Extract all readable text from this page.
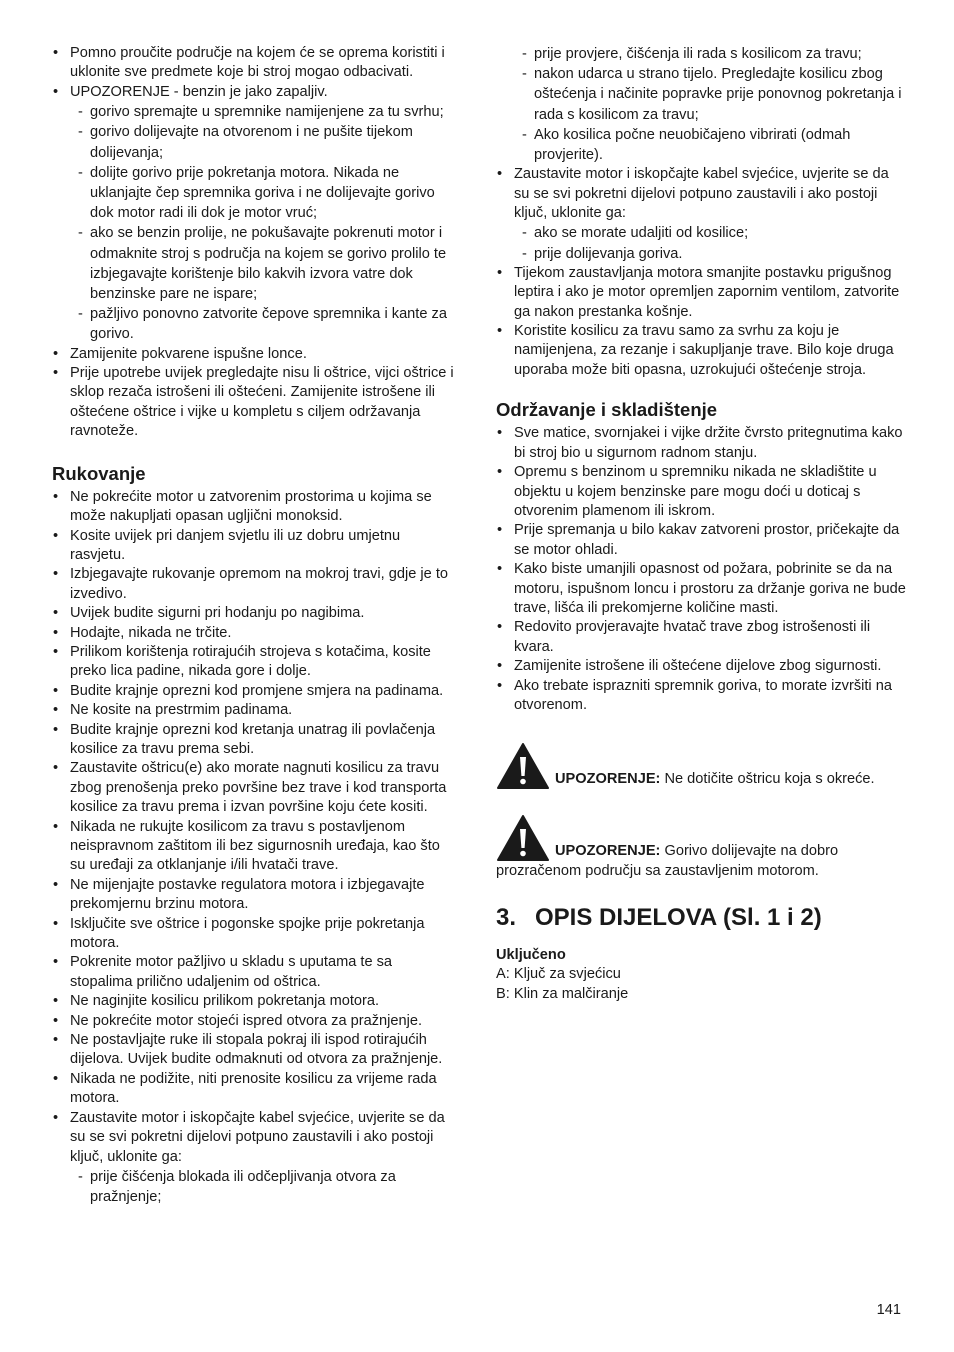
• Pomno proučite područje na kojem će se oprema koristiti i uklonite sve predmete koje bi stroj mogao odbacivati.
• UPOZORENJE - benzin je jako zapaljiv.
- gorivo spremajte u spremnike namijenjene za tu svrhu;
- gorivo dolijevajte na otvorenom i ne pušite tijekom dolijevanja;
- dolijte gorivo prije pokretanja motora. Nikada ne uklanjajte čep spremnika goriva i ne dolijevajte gorivo dok motor radi ili dok je motor vruć;
- ako se benzin prolije, ne pokušavajte pokrenuti motor i odmaknite stroj s područja na kojem se gorivo prolilo te izbjegavajte korištenje bilo kakvih izvora vatre dok benzinske pare ne ispare;
- pažljivo ponovno zatvorite čepove spremnika i kante za gorivo.
• Zamijenite pokvarene ispušne lonce.
• Prije upotrebe uvijek pregledajte nisu li oštrice, vijci oštrice i sklop rezača istrošeni ili oštećeni. Zamijenite istrošene ili oštećene oštrice i vijke u kompletu s ciljem održavanja ravnoteže.
Rukovanje
• Ne pokrećite motor u zatvorenim prostorima u kojima se može nakupljati opasan ugljični monoksid.
• Kosite uvijek pri danjem svjetlu ili uz dobru umjetnu rasvjetu.
• Izbjegavajte rukovanje opremom na mokroj travi, gdje je to izvedivo.
• Uvijek budite sigurni pri hodanju po nagibima.
• Hodajte, nikada ne trčite.
• Prilikom korištenja rotirajućih strojeva s kotačima, kosite preko lica padine, nikada gore i dolje.
• Budite krajnje oprezni kod promjene smjera na padinama.
• Ne kosite na prestrmim padinama.
• Budite krajnje oprezni kod kretanja unatrag ili povlačenja kosilice za travu prema sebi.
• Zaustavite oštricu(e) ako morate nagnuti kosilicu za travu zbog prenošenja preko površine bez trave i kod transporta kosilice za travu prema i izvan površine koju ćete kositi.
• Nikada ne rukujte kosilicom za travu s postavljenom neispravnom zaštitom ili bez sigurnosnih uređaja, kao što su uređaji za otklanjanje i/ili hvatači trave.
• Ne mijenjajte postavke regulatora motora i izbjegavajte prekomjernu brzinu motora.
• Isključite sve oštrice i pogonske spojke prije pokretanja motora.
• Pokrenite motor pažljivo u skladu s uputama te sa stopalima prilično udaljenim od oštrica.
• Ne naginjite kosilicu prilikom pokretanja motora.
• Ne pokrećite motor stojeći ispred otvora za pražnjenje.
• Ne postavljajte ruke ili stopala pokraj ili ispod rotirajućih dijelova. Uvijek budite odmaknuti od otvora za pražnjenje.
• Nikada ne podižite, niti prenosite kosilicu za vrijeme rada motora.
• Zaustavite motor i iskopčajte kabel svjećice, uvjerite se da su se svi pokretni dijelovi potpuno zaustavili i ako postoji ključ, uklonite ga:
- prije čišćenja blokada ili odčepljivanja otvora za pražnjenje;
- prije provjere, čišćenja ili rada s kosilicom za travu;
- nakon udarca u strano tijelo. Pregledajte kosilicu zbog oštećenja i načinite popravke prije ponovnog pokretanja i rada s kosilicom za travu;
- Ako kosilica počne neuobičajeno vibrirati (odmah provjerite).
• Zaustavite motor i iskopčajte kabel svjećice, uvjerite se da su se svi pokretni dijelovi potpuno zaustavili i ako postoji ključ, uklonite ga:
- ako se morate udaljiti od kosilice;
- prije dolijevanja goriva.
• Tijekom zaustavljanja motora smanjite postavku prigušnog leptira i ako je motor opremljen zapornim ventilom, zatvorite ga nakon prestanka košnje.
• Koristite kosilicu za travu samo za svrhu za koju je namijenjena, za rezanje i sakupljanje trave. Bilo koje druga uporaba može biti opasna, uzrokujući oštećenje stroja.
Održavanje i skladištenje
• Sve matice, svornjakei i vijke držite čvrsto pritegnutima kako bi stroj bio u sigurnom radnom stanju.
• Opremu s benzinom u spremniku nikada ne skladištite u objektu u kojem benzinske pare mogu doći u doticaj s otvorenim plamenom ili iskrom.
• Prije spremanja u bilo kakav zatvoreni prostor, pričekajte da se motor ohladi.
• Kako biste umanjili opasnost od požara, pobrinite se da na motoru, ispušnom loncu i prostoru za držanje goriva ne bude trave, lišća ili prekomjerne količine masti.
• Redovito provjeravajte hvatač trave zbog istrošenosti ili kvara.
• Zamijenite istrošene ili oštećene dijelove zbog sigurnosti.
• Ako trebate isprazniti spremnik goriva, to morate izvršiti na otvorenom.
UPOZORENJE: Ne dotičite oštricu koja s okreće.
UPOZORENJE: Gorivo dolijevajte na dobro prozračenom području sa zaustavljenim motorom.
3. OPIS DIJELOVA (Sl. 1 i 2)
Uključeno
A: Ključ za svjećicu
B: Klin za malčiranje
141
